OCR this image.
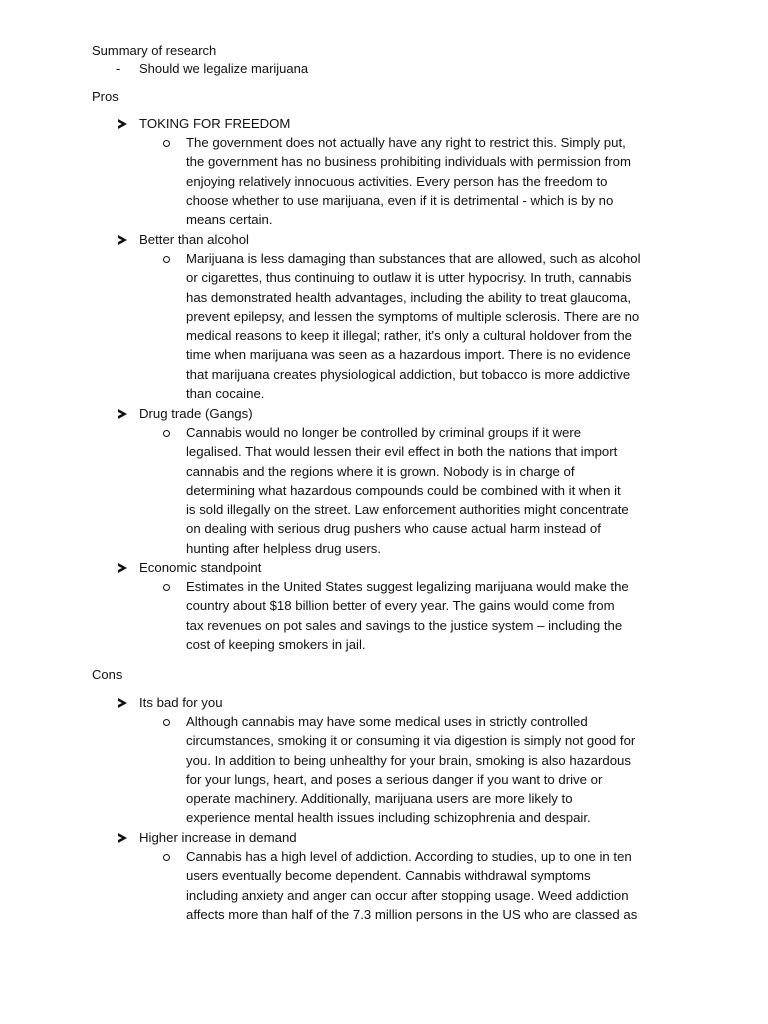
Summary of research
- Should we legalize marijuana
Pros
TOKING FOR FREEDOM

The government does not actually have any right to restrict this. Simply put,

the government has no business prohibiting individuals with permission from

enjoying relatively innocuous activities. Every person has the freedom to

choose whether to use marijuana, even if it is detrimental - which is by no

means certain.

Better than alcohol

Marijuana is less damaging than substances that are allowed, such as alcohol

or cigarettes, thus continuing to outlaw it is utter hypocrisy. In truth, cannabis

has demonstrated health advantages, including the ability to treat glaucoma,

prevent epilepsy, and lessen the symptoms of multiple sclerosis. There are no

medical reasons to keep it illegal; rather, it's only a cultural holdover from the

time when marijuana was seen as a hazardous import. There is no evidence

that marijuana creates physiological addiction, but tobacco is more addictive

than cocaine.

Drug trade (Gangs)

Cannabis would no longer be controlled by criminal groups if it were

legalised. That would lessen their evil effect in both the nations that import

cannabis and the regions where it is grown. Nobody is in charge of

determining what hazardous compounds could be combined with it when it

is sold illegally on the street. Law enforcement authorities might concentrate

on dealing with serious drug pushers who cause actual harm instead of

hunting after helpless drug users.

Economic standpoint

Estimates in the United States suggest legalizing marijuana would make the

country about $18 billion better of every year. The gains would come from

tax revenues on pot sales and savings to the justice system – including the

cost of keeping smokers in jail.

Cons
Its bad for you

Although cannabis may have some medical uses in strictly controlled

circumstances, smoking it or consuming it via digestion is simply not good for

you. In addition to being unhealthy for your brain, smoking is also hazardous

for your lungs, heart, and poses a serious danger if you want to drive or

operate machinery. Additionally, marijuana users are more likely to

experience mental health issues including schizophrenia and despair.

Higher increase in demand

Cannabis has a high level of addiction. According to studies, up to one in ten

users eventually become dependent. Cannabis withdrawal symptoms

including anxiety and anger can occur after stopping usage. Weed addiction

affects more than half of the 7.3 million persons in the US who are classed as
